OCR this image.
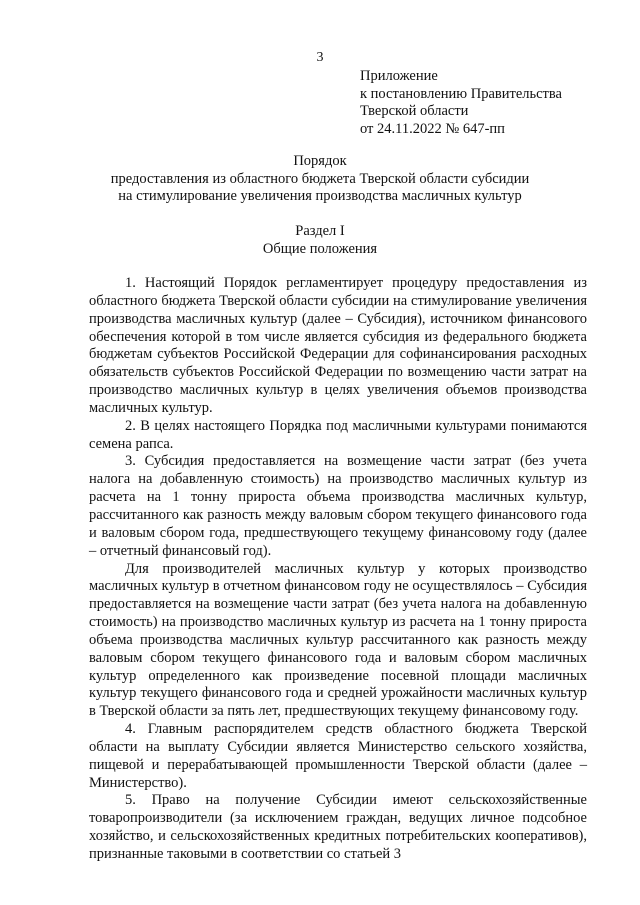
3
Приложение
к постановлению Правительства
Тверской области
от 24.11.2022 № 647-пп
Порядок
предоставления из областного бюджета Тверской области субсидии
на стимулирование увеличения производства масличных культур
Раздел I
Общие положения

1. Настоящий Порядок регламентирует процедуру предоставления из областного бюджета Тверской области субсидии на стимулирование увеличения производства масличных культур (далее – Субсидия), источником финансового обеспечения которой в том числе является субсидия из федерального бюджета бюджетам субъектов Российской Федерации для софинансирования расходных обязательств субъектов Российской Федерации по возмещению части затрат на производство масличных культур в целях увеличения объемов производства масличных культур.

2. В целях настоящего Порядка под масличными культурами понимаются семена рапса.

3. Субсидия предоставляется на возмещение части затрат (без учета налога на добавленную стоимость) на производство масличных культур из расчета на 1 тонну прироста объема производства масличных культур, рассчитанного как разность между валовым сбором текущего финансового года и валовым сбором года, предшествующего текущему финансовому году (далее – отчетный финансовый год).

Для производителей масличных культур у которых производство масличных культур в отчетном финансовом году не осуществлялось – Субсидия предоставляется на возмещение части затрат (без учета налога на добавленную стоимость) на производство масличных культур из расчета на 1 тонну прироста объема производства масличных культур рассчитанного как разность между валовым сбором текущего финансового года и валовым сбором масличных культур определенного как произведение посевной площади масличных культур текущего финансового года и средней урожайности масличных культур в Тверской области за пять лет, предшествующих текущему финансовому году.

4. Главным распорядителем средств областного бюджета Тверской области на выплату Субсидии является Министерство сельского хозяйства, пищевой и перерабатывающей промышленности Тверской области (далее – Министерство).

5. Право на получение Субсидии имеют сельскохозяйственные товаропроизводители (за исключением граждан, ведущих личное подсобное хозяйство, и сельскохозяйственных кредитных потребительских кооперативов), признанные таковыми в соответствии со статьей 3
